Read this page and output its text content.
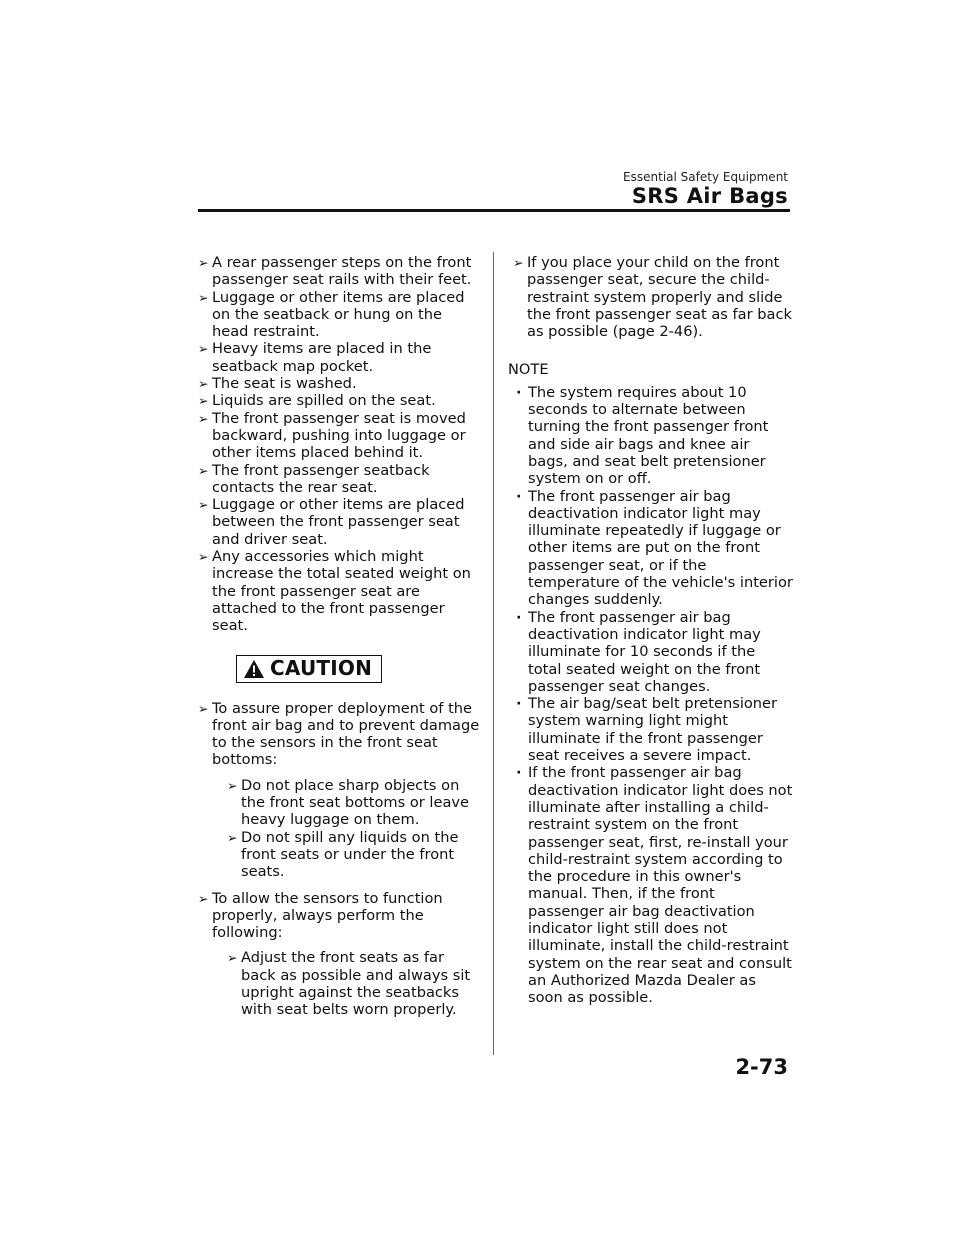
Essential Safety Equipment
SRS Air Bags
➢ A rear passenger steps on the front passenger seat rails with their feet.
➢ Luggage or other items are placed on the seatback or hung on the head restraint.
➢ Heavy items are placed in the seatback map pocket.
➢ The seat is washed.
➢ Liquids are spilled on the seat.
➢ The front passenger seat is moved backward, pushing into luggage or other items placed behind it.
➢ The front passenger seatback contacts the rear seat.
➢ Luggage or other items are placed between the front passenger seat and driver seat.
➢ Any accessories which might increase the total seated weight on the front passenger seat are attached to the front passenger seat.
CAUTION
➢ To assure proper deployment of the front air bag and to prevent damage to the sensors in the front seat bottoms:
➢ Do not place sharp objects on the front seat bottoms or leave heavy luggage on them.
➢ Do not spill any liquids on the front seats or under the front seats.
➢ To allow the sensors to function properly, always perform the following:
➢ Adjust the front seats as far back as possible and always sit upright against the seatbacks with seat belts worn properly.
➢ If you place your child on the front passenger seat, secure the child-restraint system properly and slide the front passenger seat as far back as possible (page 2-46).
NOTE
· The system requires about 10 seconds to alternate between turning the front passenger front and side air bags and knee air bags, and seat belt pretensioner system on or off.
· The front passenger air bag deactivation indicator light may illuminate repeatedly if luggage or other items are put on the front passenger seat, or if the temperature of the vehicle's interior changes suddenly.
· The front passenger air bag deactivation indicator light may illuminate for 10 seconds if the total seated weight on the front passenger seat changes.
· The air bag/seat belt pretensioner system warning light might illuminate if the front passenger seat receives a severe impact.
· If the front passenger air bag deactivation indicator light does not illuminate after installing a child-restraint system on the front passenger seat, first, re-install your child-restraint system according to the procedure in this owner's manual. Then, if the front passenger air bag deactivation indicator light still does not illuminate, install the child-restraint system on the rear seat and consult an Authorized Mazda Dealer as soon as possible.
2-73
